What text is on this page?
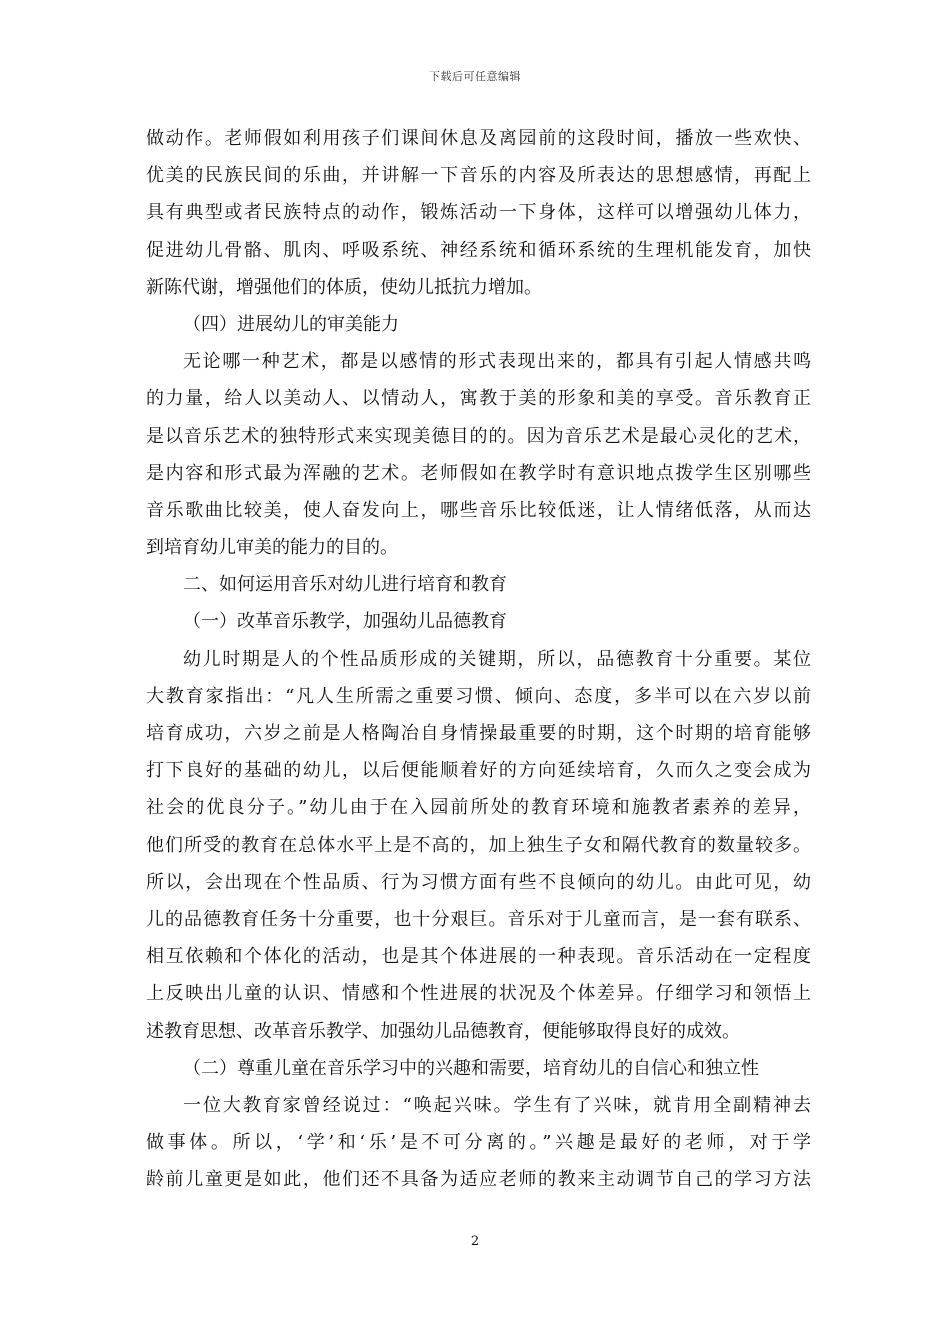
下载后可任意编辑
做动作。老师假如利用孩子们课间休息及离园前的这段时间，播放一些欢快、
优美的民族民间的乐曲，并讲解一下音乐的内容及所表达的思想感情，再配上
具有典型或者民族特点的动作，锻炼活动一下身体，这样可以增强幼儿体力，
促进幼儿骨骼、肌肉、呼吸系统、神经系统和循环系统的生理机能发育，加快
新陈代谢，增强他们的体质，使幼儿抵抗力增加。
（四）进展幼儿的审美能力
无论哪一种艺术，都是以感情的形式表现出来的，都具有引起人情感共鸣
的力量，给人以美动人、以情动人，寓教于美的形象和美的享受。音乐教育正
是以音乐艺术的独特形式来实现美德目的的。因为音乐艺术是最心灵化的艺术，
是内容和形式最为浑融的艺术。老师假如在教学时有意识地点拨学生区别哪些
音乐歌曲比较美，使人奋发向上，哪些音乐比较低迷，让人情绪低落，从而达
到培育幼儿审美的能力的目的。
二、如何运用音乐对幼儿进行培育和教育
（一）改革音乐教学，加强幼儿品德教育
幼儿时期是人的个性品质形成的关键期，所以，品德教育十分重要。某位
大教育家指出：“凡人生所需之重要习惯、倾向、态度，多半可以在六岁以前
培育成功，六岁之前是人格陶冶自身情操最重要的时期，这个时期的培育能够
打下良好的基础的幼儿，以后便能顺着好的方向延续培育，久而久之变会成为
社会的优良分子。”幼儿由于在入园前所处的教育环境和施教者素养的差异，
他们所受的教育在总体水平上是不高的，加上独生子女和隔代教育的数量较多。
所以，会出现在个性品质、行为习惯方面有些不良倾向的幼儿。由此可见，幼
儿的品德教育任务十分重要，也十分艰巨。音乐对于儿童而言，是一套有联系、
相互依赖和个体化的活动，也是其个体进展的一种表现。音乐活动在一定程度
上反映出儿童的认识、情感和个性进展的状况及个体差异。仔细学习和领悟上
述教育思想、改革音乐教学、加强幼儿品德教育，便能够取得良好的成效。
（二）尊重儿童在音乐学习中的兴趣和需要，培育幼儿的自信心和独立性
一位大教育家曾经说过：“唤起兴味。学生有了兴味，就肯用全副精神去
做事体。所以，‘学’和‘乐’是不可分离的。”兴趣是最好的老师，对于学
龄前儿童更是如此，他们还不具备为适应老师的教来主动调节自己的学习方法
2
